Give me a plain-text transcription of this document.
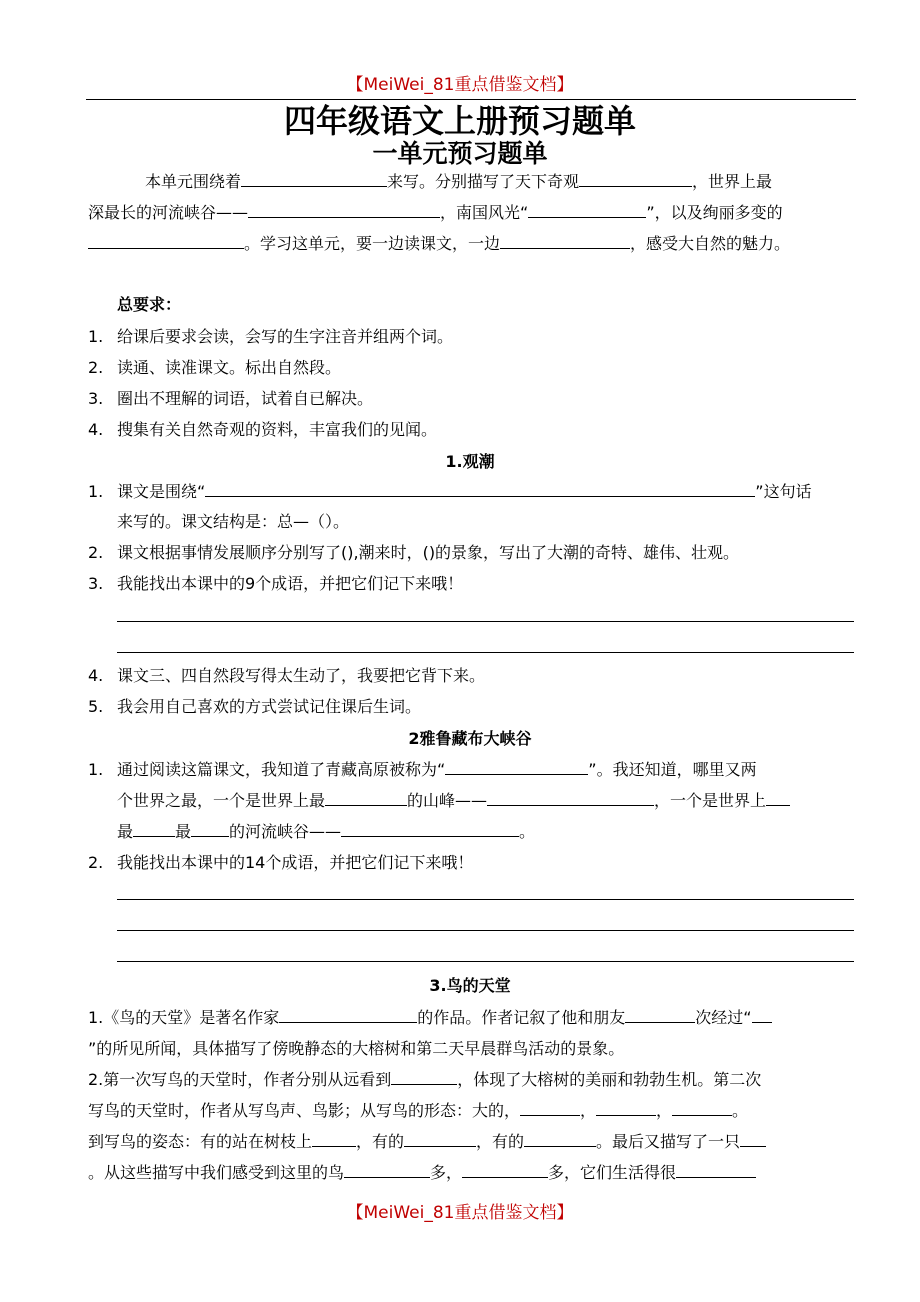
【MeiWei_81重点借鉴文档】
四年级语文上册预习题单
一单元预习题单
本单元围绕着	来写。分别描写了天下奇观	，世界上最
深最长的河流峡谷——	，南国风光“	”，以及绚丽多变的
。学习这单元，要一边读课文，一边	，感受大自然的魅力。
总要求：
1. 给课后要求会读，会写的生字注音并组两个词。
2. 读通、读准课文。标出自然段。
3. 圈出不理解的词语，试着自已解决。
4. 搜集有关自然奇观的资料，丰富我们的见闻。
1.观潮
1. 课文是围绕“	”这句话
来写的。课文结构是：总—（）。
2. 课文根据事情发展顺序分别写了(),潮来时，()的景象，写出了大潮的奇特、雄伟、壮观。
3. 我能找出本课中的9个成语，并把它们记下来哦！
4. 课文三、四自然段写得太生动了，我要把它背下来。
5. 我会用自己喜欢的方式尝试记住课后生词。
2雅鲁藏布大峡谷
1. 通过阅读这篇课文，我知道了青藏高原被称为“	”。我还知道，哪里又两
个世界之最，一个是世界上最	的山峰——	，一个是世界上
最	最 的河流峡谷——	。
2. 我能找出本课中的14个成语，并把它们记下来哦！
3.鸟的天堂
1.《鸟的天堂》是著名作家	的作品。作者记叙了他和朋友	次经过“
”的所见所闻，具体描写了傍晚静态的大榕树和第二天早晨群鸟活动的景象。
2.第一次写鸟的天堂时，作者分别从远看到	，体现了大榕树的美丽和勃勃生机。第二次
写鸟的天堂时，作者从写鸟声、鸟影；从写鸟的形态：大的，	，	，	。
到写鸟的姿态：有的站在树枝上	，有的	，有的	。最后又描写了一只
。从这些描写中我们感受到这里的鸟	多，	多，它们生活得很
【MeiWei_81重点借鉴文档】
